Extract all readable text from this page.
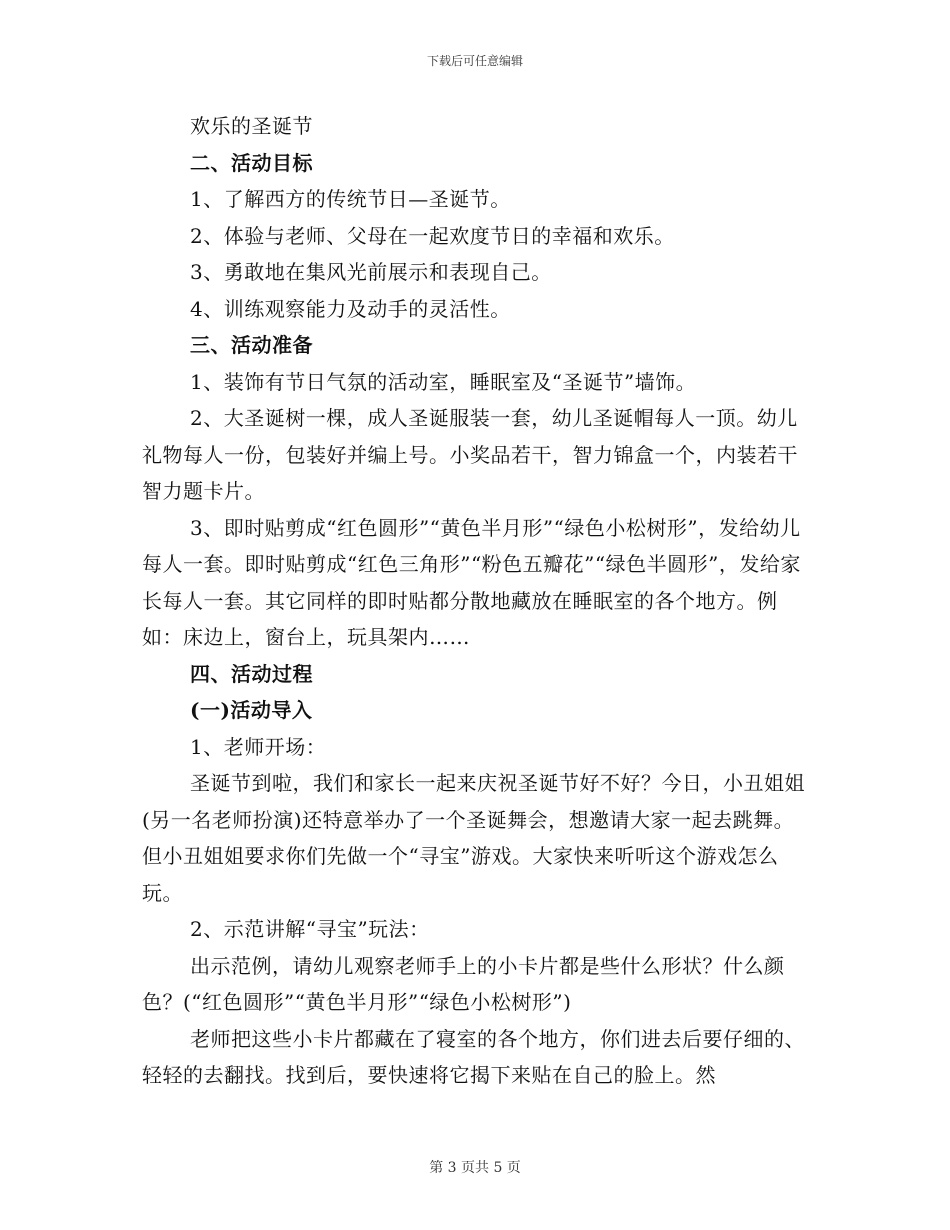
下载后可任意编辑

欢乐的圣诞节

二、活动目标

1、了解西方的传统节日—圣诞节。

2、体验与老师、父母在一起欢度节日的幸福和欢乐。

3、勇敢地在集风光前展示和表现自己。

4、训练观察能力及动手的灵活性。

三、活动准备

1、装饰有节日气氛的活动室，睡眠室及“圣诞节”墙饰。

2、大圣诞树一棵，成人圣诞服装一套，幼儿圣诞帽每人一顶。幼儿礼物每人一份，包装好并编上号。小奖品若干，智力锦盒一个，内装若干智力题卡片。

3、即时贴剪成“红色圆形”“黄色半月形”“绿色小松树形”，发给幼儿每人一套。即时贴剪成“红色三角形”“粉色五瓣花”“绿色半圆形”，发给家长每人一套。其它同样的即时贴都分散地藏放在睡眠室的各个地方。例如：床边上，窗台上，玩具架内……

四、活动过程

(一)活动导入

1、老师开场：

圣诞节到啦，我们和家长一起来庆祝圣诞节好不好？今日，小丑姐姐(另一名老师扮演)还特意举办了一个圣诞舞会，想邀请大家一起去跳舞。但小丑姐姐要求你们先做一个“寻宝”游戏。大家快来听听这个游戏怎么玩。

2、示范讲解“寻宝”玩法：

出示范例，请幼儿观察老师手上的小卡片都是些什么形状？什么颜色？(“红色圆形”“黄色半月形”“绿色小松树形”)

老师把这些小卡片都藏在了寝室的各个地方，你们进去后要仔细的、轻轻的去翻找。找到后，要快速将它揭下来贴在自己的脸上。然

第 3 页共 5 页
